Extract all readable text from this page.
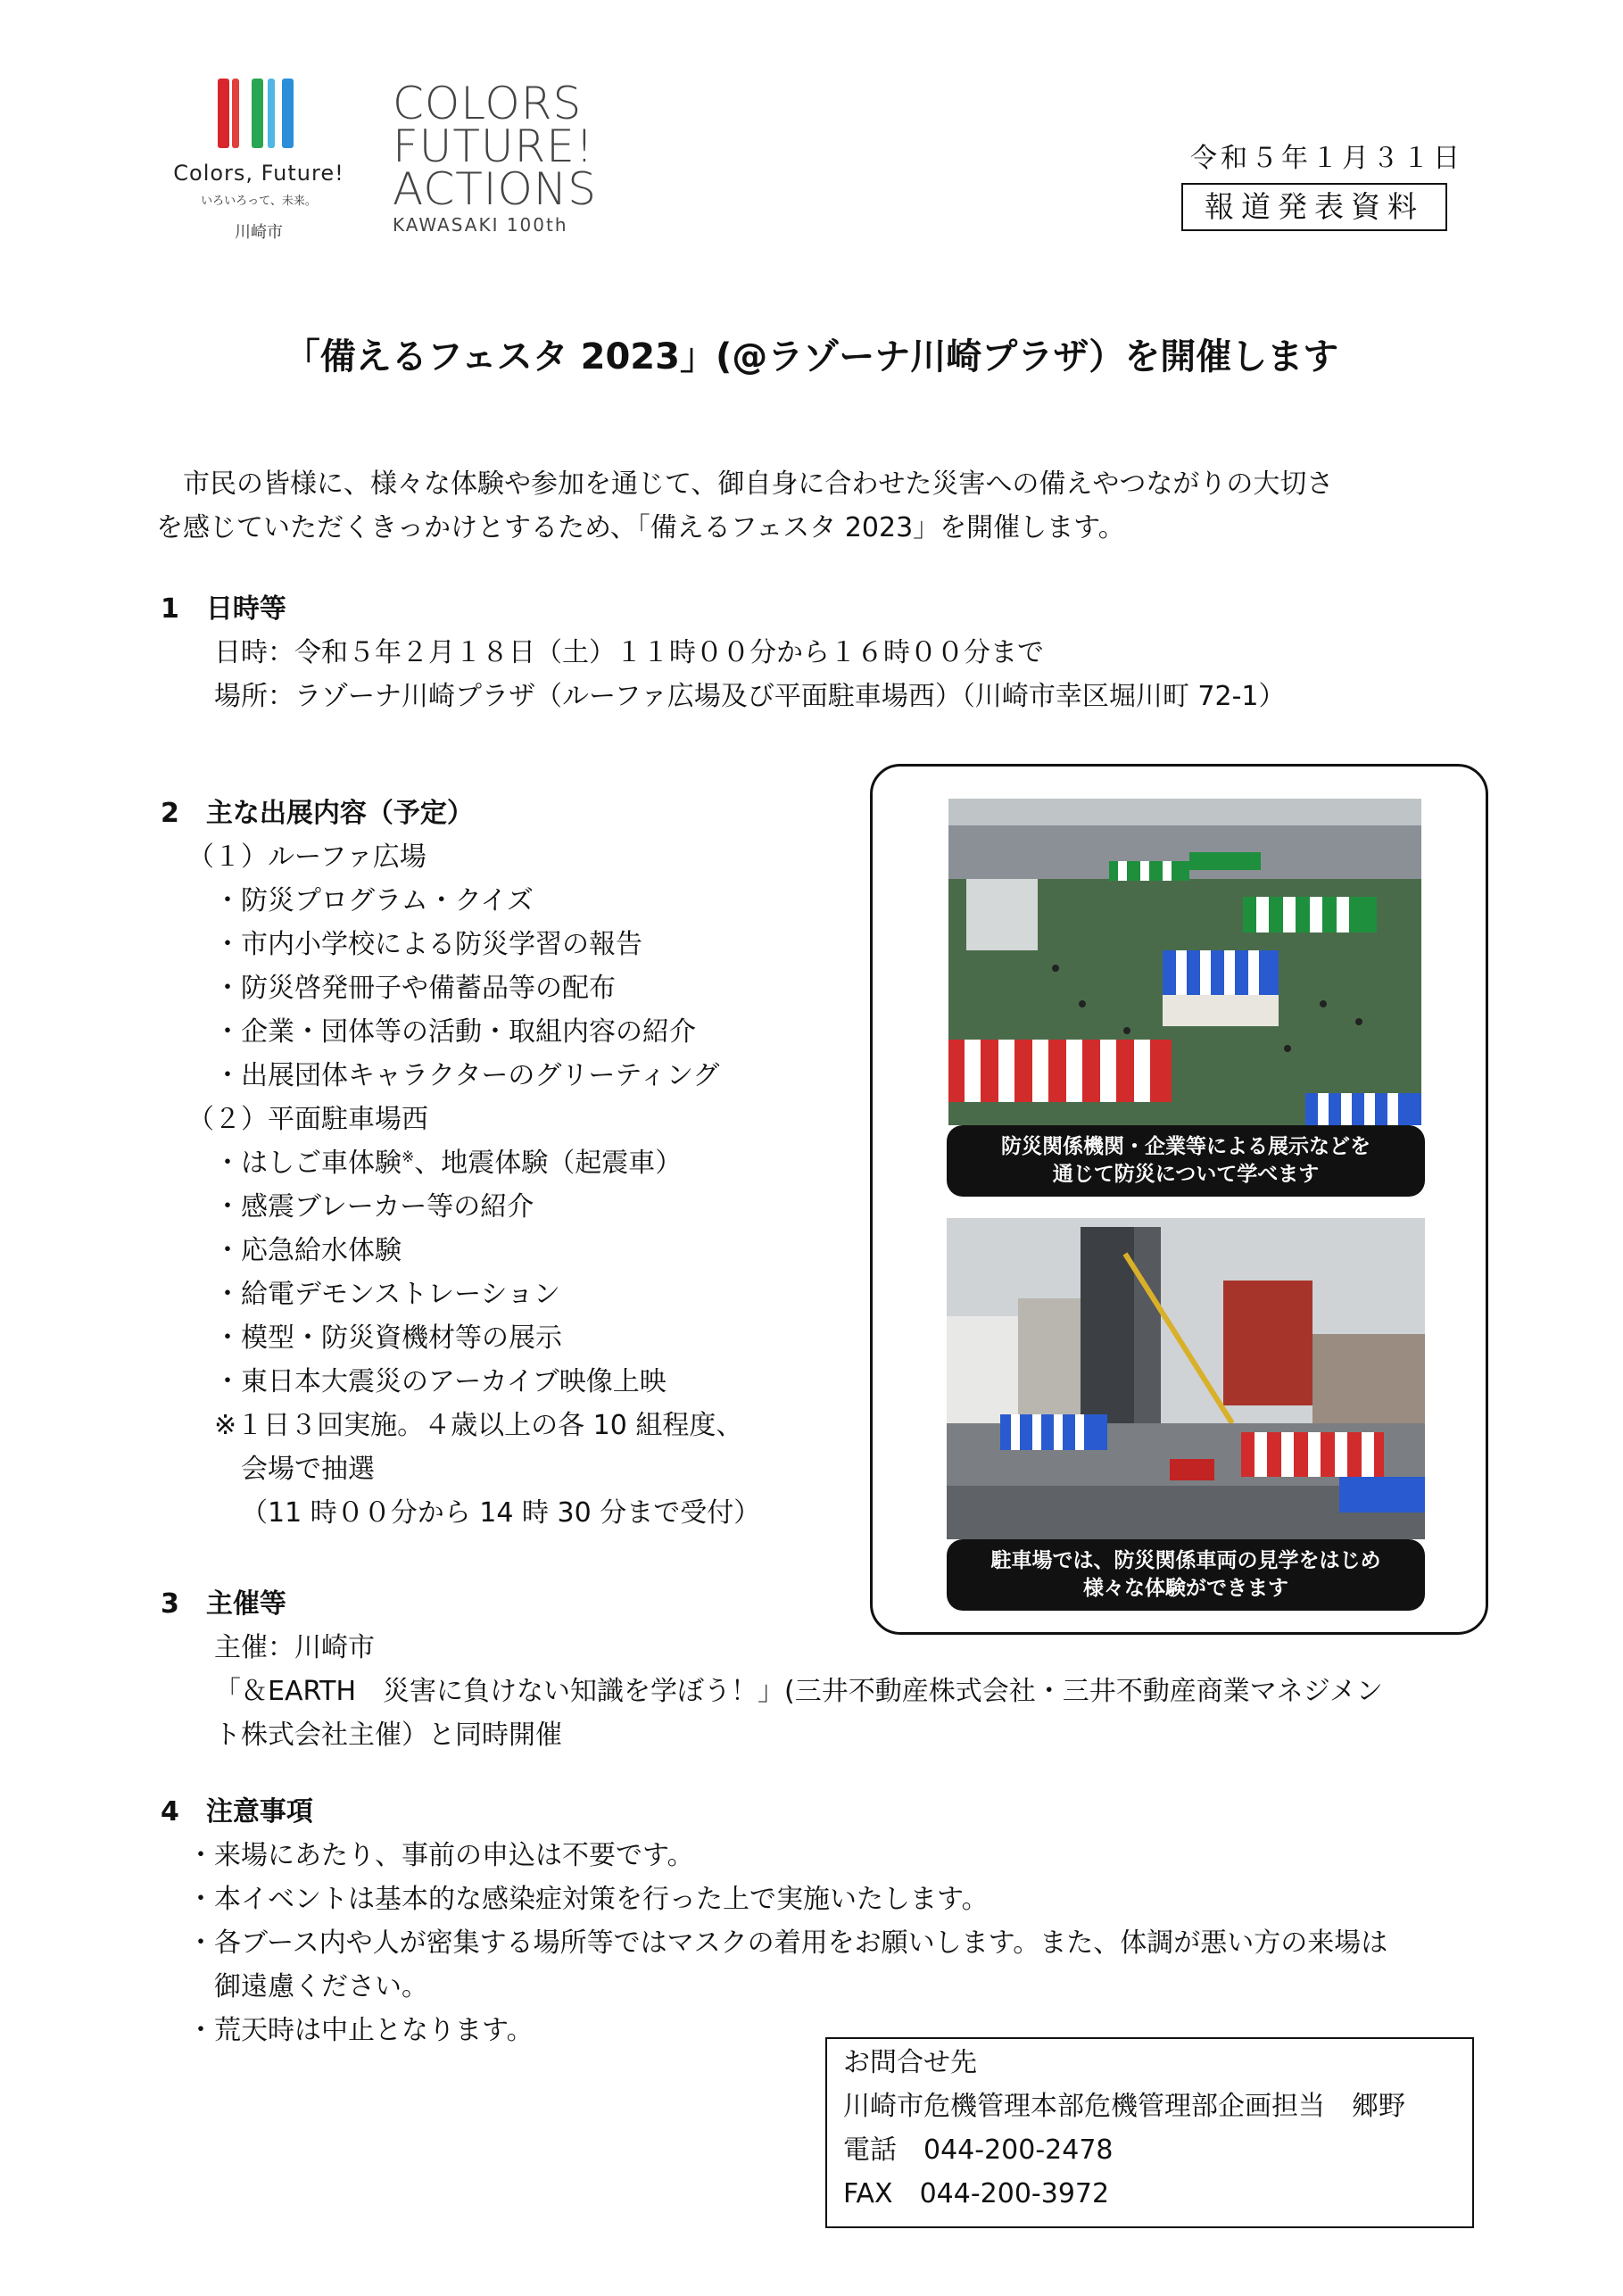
Colors, Future!
いろいろって、未来。
川崎市
COLORS
FUTURE!
ACTIONS
KAWASAKI 100th
令和５年１月３１日
報道発表資料
「備えるフェスタ 2023」(@ラゾーナ川崎プラザ）を開催します
　市民の皆様に、様々な体験や参加を通じて、御自身に合わせた災害への備えやつながりの大切さ
を感じていただくきっかけとするため、「備えるフェスタ 2023」を開催します。
1　日時等
日時：令和５年２月１８日（土）１１時００分から１６時００分まで
場所：ラゾーナ川崎プラザ（ルーファ広場及び平面駐車場西）（川崎市幸区堀川町 72-1）
2　主な出展内容（予定）
（１）ルーファ広場
・防災プログラム・クイズ
・市内小学校による防災学習の報告
・防災啓発冊子や備蓄品等の配布
・企業・団体等の活動・取組内容の紹介
・出展団体キャラクターのグリーティング
（２）平面駐車場西
・はしご車体験※、地震体験（起震車）
・感震ブレーカー等の紹介
・応急給水体験
・給電デモンストレーション
・模型・防災資機材等の展示
・東日本大震災のアーカイブ映像上映
※１日３回実施。４歳以上の各 10 組程度、
会場で抽選
（11 時００分から 14 時 30 分まで受付）
防災関係機関・企業等による展示などを
通じて防災について学べます
駐車場では、防災関係車両の見学をはじめ
様々な体験ができます
3　主催等
主催：川崎市
「＆EARTH　災害に負けない知識を学ぼう！」(三井不動産株式会社・三井不動産商業マネジメン
ト株式会社主催）と同時開催
4　注意事項
・来場にあたり、事前の申込は不要です。
・本イベントは基本的な感染症対策を行った上で実施いたします。
・各ブース内や人が密集する場所等ではマスクの着用をお願いします。また、体調が悪い方の来場は
　御遠慮ください。
・荒天時は中止となります。
お問合せ先
川崎市危機管理本部危機管理部企画担当　郷野
電話　044-200-2478
FAX　044-200-3972
